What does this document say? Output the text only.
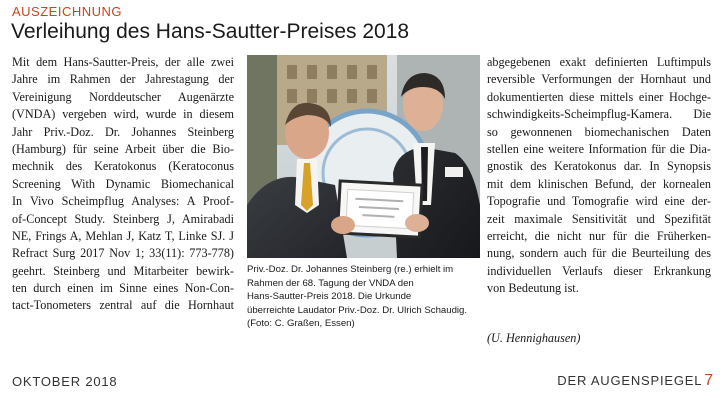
AUSZEICHNUNG
Verleihung des Hans-Sautter-Preises 2018
Mit dem Hans-Sautter-Preis, der alle zwei
Jahre im Rahmen der Jahrestagung der
Vereinigung Norddeutscher Augenärzte
(VNDA) vergeben wird, wurde in diesem
Jahr Priv.-Doz. Dr. Johannes Steinberg
(Hamburg) für seine Arbeit über die Bio-
mechnik des Keratokonus (Keratoconus
Screening With Dynamic Biomechanical
In Vivo Scheimpflug Analyses: A Proof-
of-Concept Study. Steinberg J, Amirabadi
NE, Frings A, Mehlan J, Katz T, Linke SJ. J
Refract Surg 2017 Nov 1; 33(11): 773-778)
geehrt. Steinberg und Mitarbeiter bewirk-
ten durch einen im Sinne eines Non-Con-
tact-Tonometers zentral auf die Hornhaut
Priv.-Doz. Dr. Johannes Steinberg (re.) erhielt im
Rahmen der 68. Tagung der VNDA den
Hans-Sautter-Preis 2018. Die Urkunde
überreichte Laudator Priv.-Doz. Dr. Ulrich Schaudig.
(Foto: C. Graßen, Essen)
abgegebenen exakt definierten Luftimpuls
reversible Verformungen der Hornhaut und
dokumentierten diese mittels einer Hochge-
schwindigkeits-Scheimpflug-Kamera. Die
so gewonnenen biomechanischen Daten
stellen eine weitere Information für die Dia-
gnostik des Keratokonus dar. In Synopsis
mit dem klinischen Befund, der kornealen
Topografie und Tomografie wird eine der-
zeit maximale Sensitivität und Spezifität
erreicht, die nicht nur für die Früherken-
nung, sondern auch für die Beurteilung des
individuellen Verlaufs dieser Erkrankung
von Bedeutung ist.
(U. Hennighausen)
OKTOBER 2018	DER AUGENSPIEGEL 7
